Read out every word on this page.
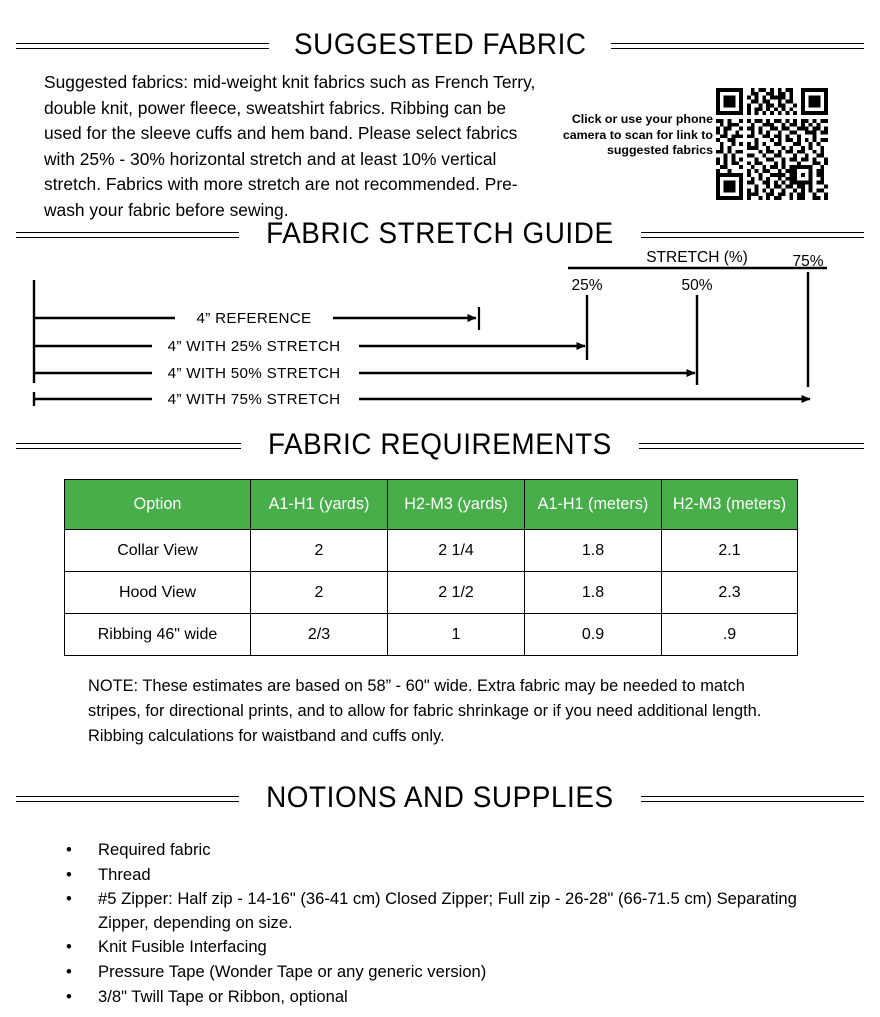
SUGGESTED FABRIC
Suggested fabrics: mid-weight knit fabrics such as French Terry, double knit, power fleece, sweatshirt fabrics. Ribbing can be used for the sleeve cuffs and hem band. Please select fabrics with 25% - 30% horizontal stretch and at least 10% vertical stretch. Fabrics with more stretch are not recommended. Pre-wash your fabric before sewing.
Click or use your phone camera to scan for link to suggested fabrics
FABRIC STRETCH GUIDE
STRETCH (%)
25%	50%
75%
4” REFERENCE
4” WITH 25% STRETCH
4” WITH 50% STRETCH
4” WITH 75% STRETCH
FABRIC REQUIREMENTS
Option	A1-H1 (yards)	H2-M3 (yards)	A1-H1 (meters)	H2-M3 (meters)
Collar View	2	2 1/4	1.8	2.1
Hood View	2	2 1/2	1.8	2.3
Ribbing 46" wide	2/3	1	0.9	.9
NOTE: These estimates are based on 58” - 60" wide. Extra fabric may be needed to match stripes, for directional prints, and to allow for fabric shrinkage or if you need additional length. Ribbing calculations for waistband and cuffs only.
NOTIONS AND SUPPLIES
• Required fabric
• Thread
• #5 Zipper: Half zip - 14-16" (36-41 cm) Closed Zipper; Full zip - 26-28" (66-71.5 cm) Separating Zipper, depending on size.
• Knit Fusible Interfacing
• Pressure Tape (Wonder Tape or any generic version)
• 3/8" Twill Tape or Ribbon, optional
